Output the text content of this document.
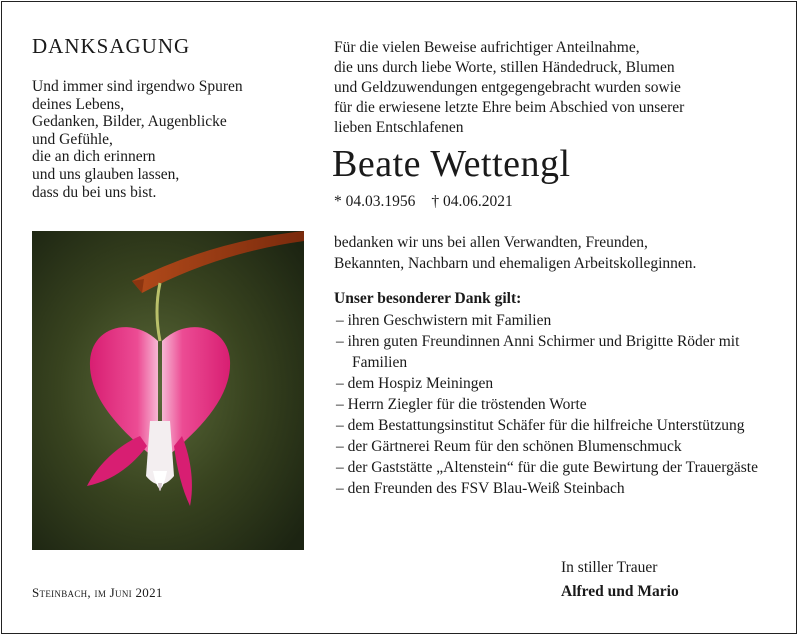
DANKSAGUNG
Und immer sind irgendwo Spuren
deines Lebens,
Gedanken, Bilder, Augenblicke
und Gefühle,
die an dich erinnern
und uns glauben lassen,
dass du bei uns bist.
Steinbach, im Juni 2021
Für die vielen Beweise aufrichtiger Anteilnahme,
die uns durch liebe Worte, stillen Händedruck, Blumen
und Geldzuwendungen entgegengebracht wurden sowie
für die erwiesene letzte Ehre beim Abschied von unserer
lieben Entschlafenen
Beate Wettengl
* 04.03.1956 † 04.06.2021
bedanken wir uns bei allen Verwandten, Freunden,
Bekannten, Nachbarn und ehemaligen Arbeitskolleginnen.
Unser besonderer Dank gilt:
– ihren Geschwistern mit Familien
– ihren guten Freundinnen Anni Schirmer und Brigitte Röder mit Familien
– dem Hospiz Meiningen
– Herrn Ziegler für die tröstenden Worte
– dem Bestattungsinstitut Schäfer für die hilfreiche Unterstützung
– der Gärtnerei Reum für den schönen Blumenschmuck
– der Gaststätte „Altenstein“ für die gute Bewirtung der Trauergäste
– den Freunden des FSV Blau-Weiß Steinbach
In stiller Trauer
Alfred und Mario
